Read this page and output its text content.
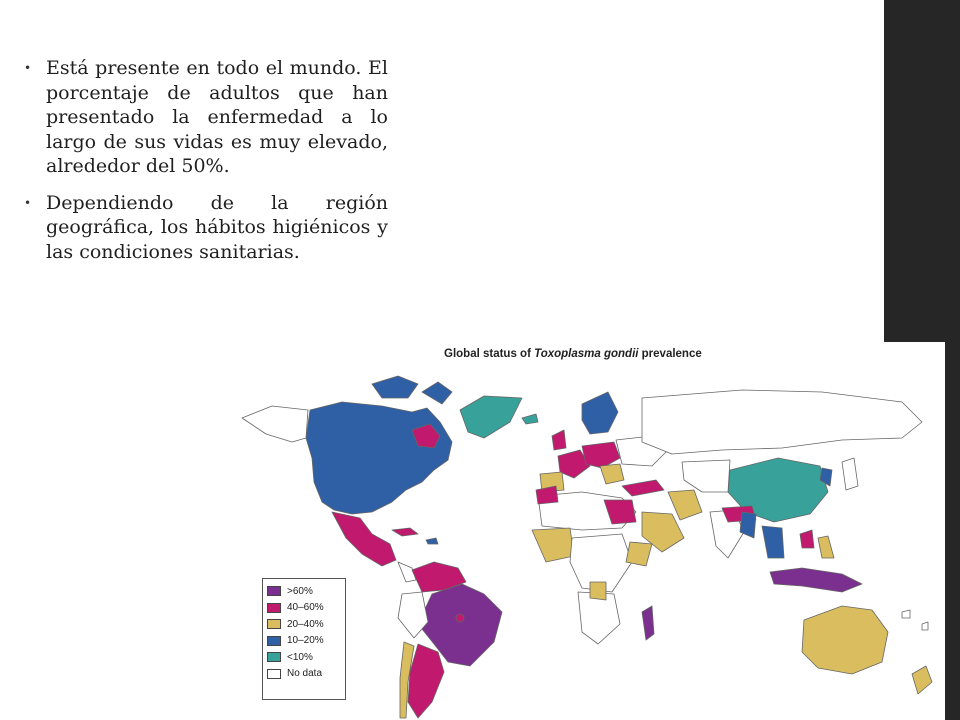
• Está presente en todo el mundo. El porcentaje de adultos que han presentado la enfermedad a lo largo de sus vidas es muy elevado, alrededor del 50%.

• Dependiendo de la región geográfica, los hábitos higiénicos y las condiciones sanitarias.

Global status of Toxoplasma gondii prevalence
>60%
40–60%
20–40%
10–20%
<10%
No data
